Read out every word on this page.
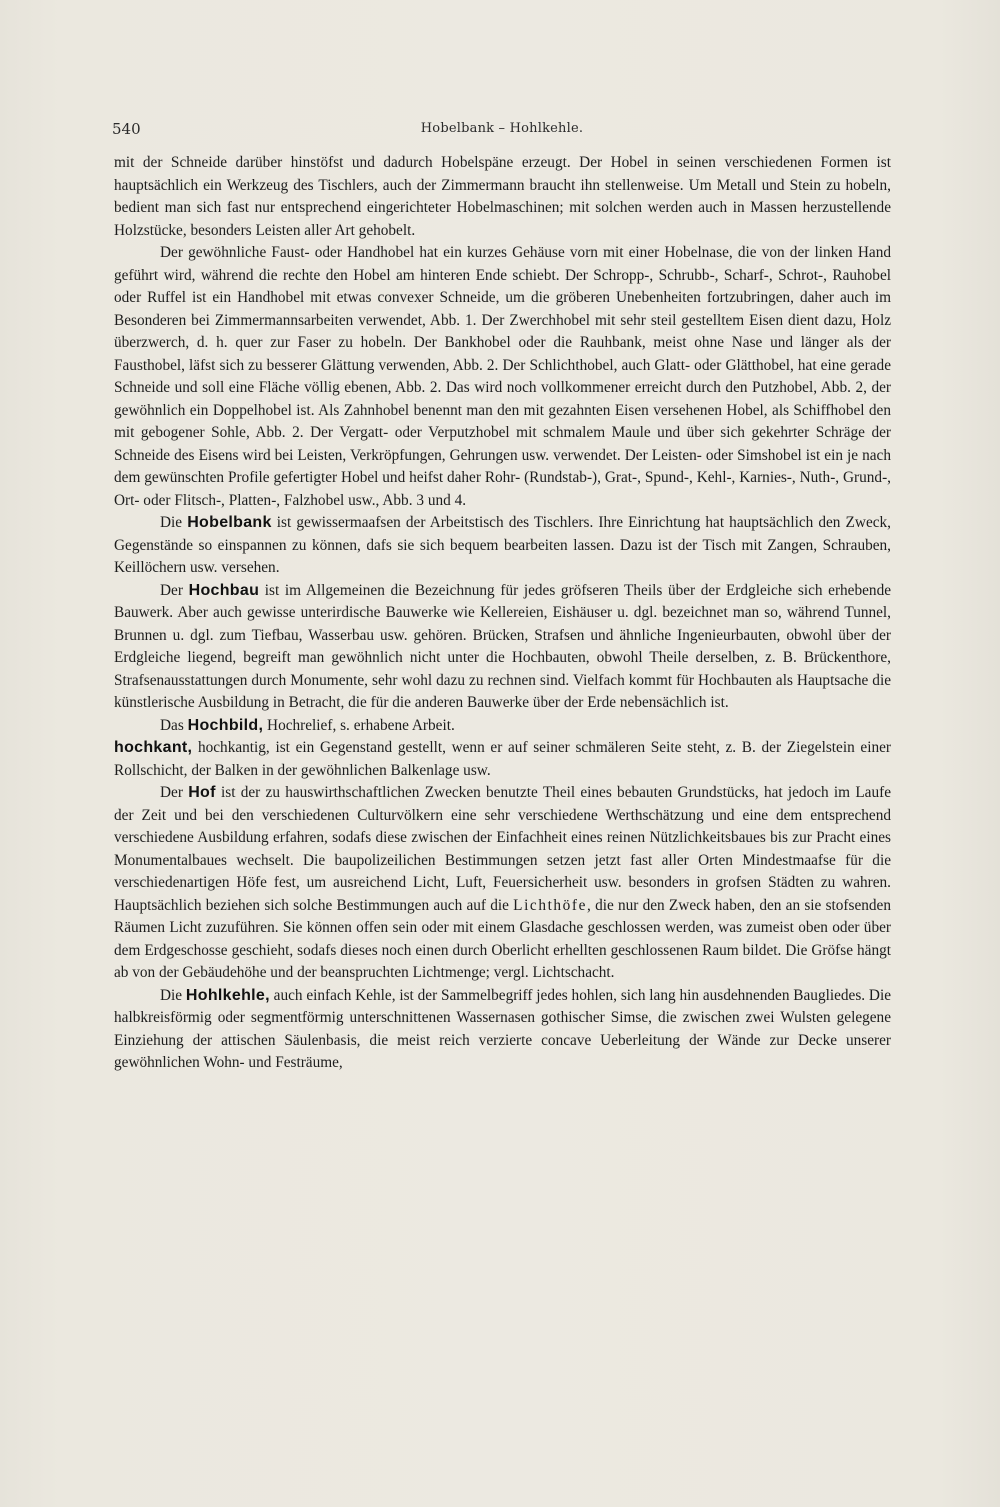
540	Hobelbank – Hohlkehle.

mit der Schneide darüber hinstöfst und dadurch Hobelspäne erzeugt. Der Hobel in seinen verschiedenen Formen ist hauptsächlich ein Werkzeug des Tischlers, auch der Zimmermann braucht ihn stellenweise. Um Metall und Stein zu hobeln, bedient man sich fast nur entsprechend eingerichteter Hobelmaschinen; mit solchen werden auch in Massen herzustellende Holzstücke, besonders Leisten aller Art gehobelt.

Der gewöhnliche Faust- oder Handhobel hat ein kurzes Gehäuse vorn mit einer Hobelnase, die von der linken Hand geführt wird, während die rechte den Hobel am hinteren Ende schiebt. Der Schropp-, Schrubb-, Scharf-, Schrot-, Rauhobel oder Ruffel ist ein Handhobel mit etwas convexer Schneide, um die gröberen Unebenheiten fortzubringen, daher auch im Besonderen bei Zimmermannsarbeiten verwendet, Abb. 1. Der Zwerchhobel mit sehr steil gestelltem Eisen dient dazu, Holz überzwerch, d. h. quer zur Faser zu hobeln. Der Bankhobel oder die Rauhbank, meist ohne Nase und länger als der Fausthobel, läfst sich zu besserer Glättung verwenden, Abb. 2. Der Schlichthobel, auch Glatt- oder Glätthobel, hat eine gerade Schneide und soll eine Fläche völlig ebenen, Abb. 2. Das wird noch vollkommener erreicht durch den Putzhobel, Abb. 2, der gewöhnlich ein Doppelhobel ist. Als Zahnhobel benennt man den mit gezahnten Eisen versehenen Hobel, als Schiffhobel den mit gebogener Sohle, Abb. 2. Der Vergatt- oder Verputzhobel mit schmalem Maule und über sich gekehrter Schräge der Schneide des Eisens wird bei Leisten, Verkröpfungen, Gehrungen usw. verwendet. Der Leisten- oder Simshobel ist ein je nach dem gewünschten Profile gefertigter Hobel und heifst daher Rohr- (Rundstab-), Grat-, Spund-, Kehl-, Karnies-, Nuth-, Grund-, Ort- oder Flitsch-, Platten-, Falzhobel usw., Abb. 3 und 4.

Die Hobelbank ist gewissermaafsen der Arbeitstisch des Tischlers. Ihre Einrichtung hat hauptsächlich den Zweck, Gegenstände so einspannen zu können, dafs sie sich bequem bearbeiten lassen. Dazu ist der Tisch mit Zangen, Schrauben, Keillöchern usw. versehen.

Der Hochbau ist im Allgemeinen die Bezeichnung für jedes gröfseren Theils über der Erdgleiche sich erhebende Bauwerk. Aber auch gewisse unterirdische Bauwerke wie Kellereien, Eishäuser u. dgl. bezeichnet man so, während Tunnel, Brunnen u. dgl. zum Tiefbau, Wasserbau usw. gehören. Brücken, Strafsen und ähnliche Ingenieurbauten, obwohl über der Erdgleiche liegend, begreift man gewöhnlich nicht unter die Hochbauten, obwohl Theile derselben, z. B. Brückenthore, Strafsenausstattungen durch Monumente, sehr wohl dazu zu rechnen sind. Vielfach kommt für Hochbauten als Hauptsache die künstlerische Ausbildung in Betracht, die für die anderen Bauwerke über der Erde nebensächlich ist.

Das Hochbild, Hochrelief, s. erhabene Arbeit.

hochkant, hochkantig, ist ein Gegenstand gestellt, wenn er auf seiner schmäleren Seite steht, z. B. der Ziegelstein einer Rollschicht, der Balken in der gewöhnlichen Balkenlage usw.

Der Hof ist der zu hauswirthschaftlichen Zwecken benutzte Theil eines bebauten Grundstücks, hat jedoch im Laufe der Zeit und bei den verschiedenen Culturvölkern eine sehr verschiedene Werthschätzung und eine dem entsprechend verschiedene Ausbildung erfahren, sodafs diese zwischen der Einfachheit eines reinen Nützlichkeitsbaues bis zur Pracht eines Monumentalbaues wechselt. Die baupolizeilichen Bestimmungen setzen jetzt fast aller Orten Mindestmaafse für die verschiedenartigen Höfe fest, um ausreichend Licht, Luft, Feuersicherheit usw. besonders in grofsen Städten zu wahren. Hauptsächlich beziehen sich solche Bestimmungen auch auf die Lichthöfe, die nur den Zweck haben, den an sie stofsenden Räumen Licht zuzuführen. Sie können offen sein oder mit einem Glasdache geschlossen werden, was zumeist oben oder über dem Erdgeschosse geschieht, sodafs dieses noch einen durch Oberlicht erhellten geschlossenen Raum bildet. Die Gröfse hängt ab von der Gebäudehöhe und der beanspruchten Lichtmenge; vergl. Lichtschacht.

Die Hohlkehle, auch einfach Kehle, ist der Sammelbegriff jedes hohlen, sich lang hin ausdehnenden Baugliedes. Die halbkreisförmig oder segmentförmig unterschnittenen Wassernasen gothischer Simse, die zwischen zwei Wulsten gelegene Einziehung der attischen Säulenbasis, die meist reich verzierte concave Ueberleitung der Wände zur Decke unserer gewöhnlichen Wohn- und Festräume,
